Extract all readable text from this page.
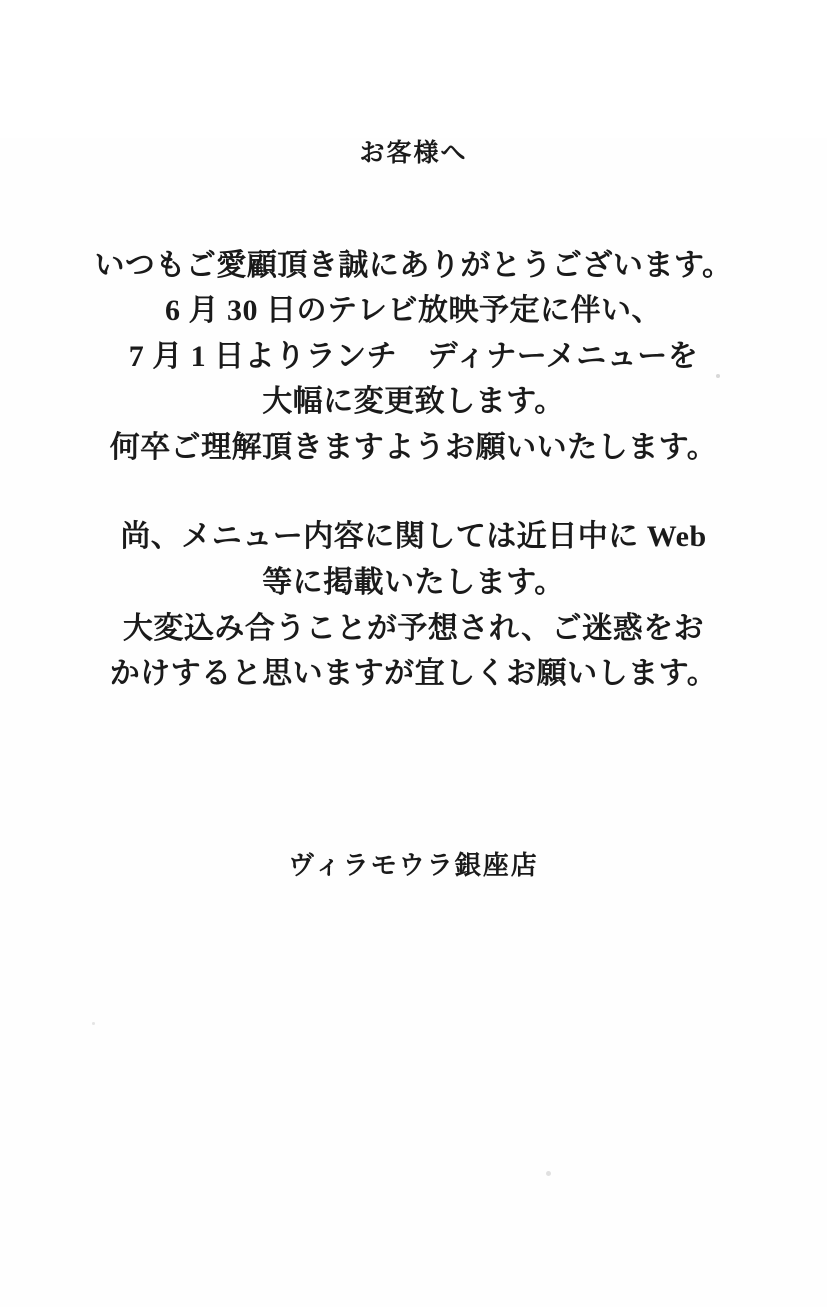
お客様へ
いつもご愛顧頂き誠にありがとうございます。
6 月 30 日のテレビ放映予定に伴い、
7 月 1 日よりランチ　ディナーメニューを
大幅に変更致します。
何卒ご理解頂きますようお願いいたします。
尚、メニュー内容に関しては近日中に Web
等に掲載いたします。
大変込み合うことが予想され、ご迷惑をお
かけすると思いますが宜しくお願いします。
ヴィラモウラ銀座店
